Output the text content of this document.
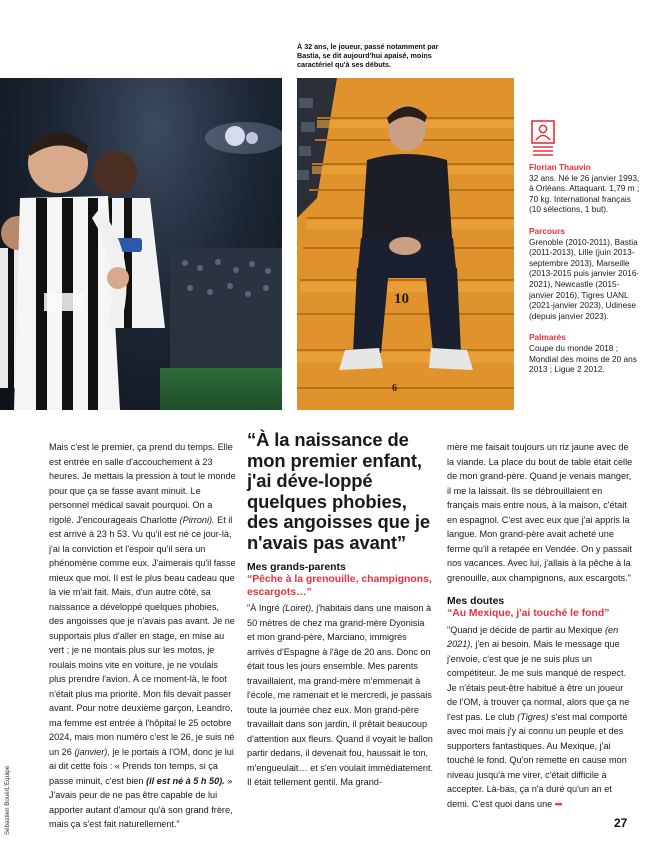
À 32 ans, le joueur, passé notamment par Bastia, se dit aujourd'hui apaisé, moins caractériel qu'à ses débuts.
10
6
Florian Thauvin
32 ans. Né le 26 janvier 1993, à Orléans. Attaquant. 1,79 m ; 70 kg. International français (10 sélections, 1 but).
Parcours
Grenoble (2010-2011), Bastia (2011-2013), Lille (juin 2013-septembre 2013), Marseille (2013-2015 puis janvier 2016-2021), Newcastle (2015-janvier 2016), Tigres UANL (2021-janvier 2023), Udinese (depuis janvier 2023).
Palmarès
Coupe du monde 2018 ; Mondial des moins de 20 ans 2013 ; Ligue 2 2012.

Mais c'est le premier, ça prend du temps. Elle est entrée en salle d'accouchement à 23 heures. Je mettais la pression à tout le monde pour que ça se fasse avant minuit. Le personnel médical savait pourquoi. On a rigolé. J'encourageais Charlotte (Pirroni). Et il est arrivé à 23 h 53. Vu qu'il est né ce jour-là, j'ai la conviction et l'espoir qu'il sera un phénomène comme eux. J'aimerais qu'il fasse mieux que moi. Il est le plus beau cadeau que la vie m'ait fait. Mais, d'un autre côté, sa naissance a développé quelques phobies, des angoisses que je n'avais pas avant. Je ne supportais plus d'aller en stage, en mise au vert ; je ne montais plus sur les motos, je roulais moins vite en voiture, je ne voulais plus prendre l'avion. À ce moment-là, le foot n'était plus ma priorité. Mon fils devait passer avant. Pour notre deuxième garçon, Leandro, ma femme est entrée à l'hôpital le 25 octobre 2024, mais mon numéro c'est le 26, je suis né un 26 (janvier), je le portais à l'OM, donc je lui ai dit cette fois : « Prends ton temps, si ça passe minuit, c'est bien (il est né à 5 h 50). » J'avais peur de ne pas être capable de lui apporter autant d'amour qu'à son grand frère, mais ça s'est fait naturellement."

“À la naissance de mon premier enfant, j'ai déve-loppé quelques phobies, des angoisses que je n'avais pas avant”
Mes grands-parents
“Pêche à la grenouille, champignons, escargots…”

"À Ingré (Loiret), j'habitais dans une maison à 50 mètres de chez ma grand-mère Dyonisia et mon grand-père, Marciano, immigrés arrivés d'Espagne à l'âge de 20 ans. Donc on était tous les jours ensemble. Mes parents travaillaient, ma grand-mère m'emmenait à l'école, me ramenait et le mercredi, je passais toute la journée chez eux. Mon grand-père travaillait dans son jardin, il prêtait beaucoup d'attention aux fleurs. Quand il voyait le ballon partir dedans, il devenait fou, haussait le ton, m'engueulait… et s'en voulait immédiatement. Il était tellement gentil. Ma grand-

mère me faisait toujours un riz jaune avec de la viande. La place du bout de table était celle de mon grand-père. Quand je venais manger, il me la laissait. Ils se débrouillaient en français mais entre nous, à la maison, c'était en espagnol. C'est avec eux que j'ai appris la langue. Mon grand-père avait acheté une ferme qu'il a retapée en Vendée. On y passait nos vacances. Avec lui, j'allais à la pêche à la grenouille, aux champignons, aux escargots."

Mes doutes
“Au Mexique, j'ai touché le fond”

"Quand je décide de partir au Mexique (en 2021), j'en ai besoin. Mais le message que j'envoie, c'est que je ne suis plus un compétiteur. Je me suis manqué de respect. Je n'étais peut-être habitué à être un joueur de l'OM, à trouver ça normal, alors que ça ne l'est pas. Le club (Tigres) s'est mal comporté avec moi mais j'y ai connu un peuple et des supporters fantastiques. Au Mexique, j'ai touché le fond. Qu'on remette en cause mon niveau jusqu'à me virer, c'était difficile à accepter. Là-bas, ça n'a duré qu'un an et demi. C'est quoi dans une •••

Sébastien Boué/L'Équipe	27
